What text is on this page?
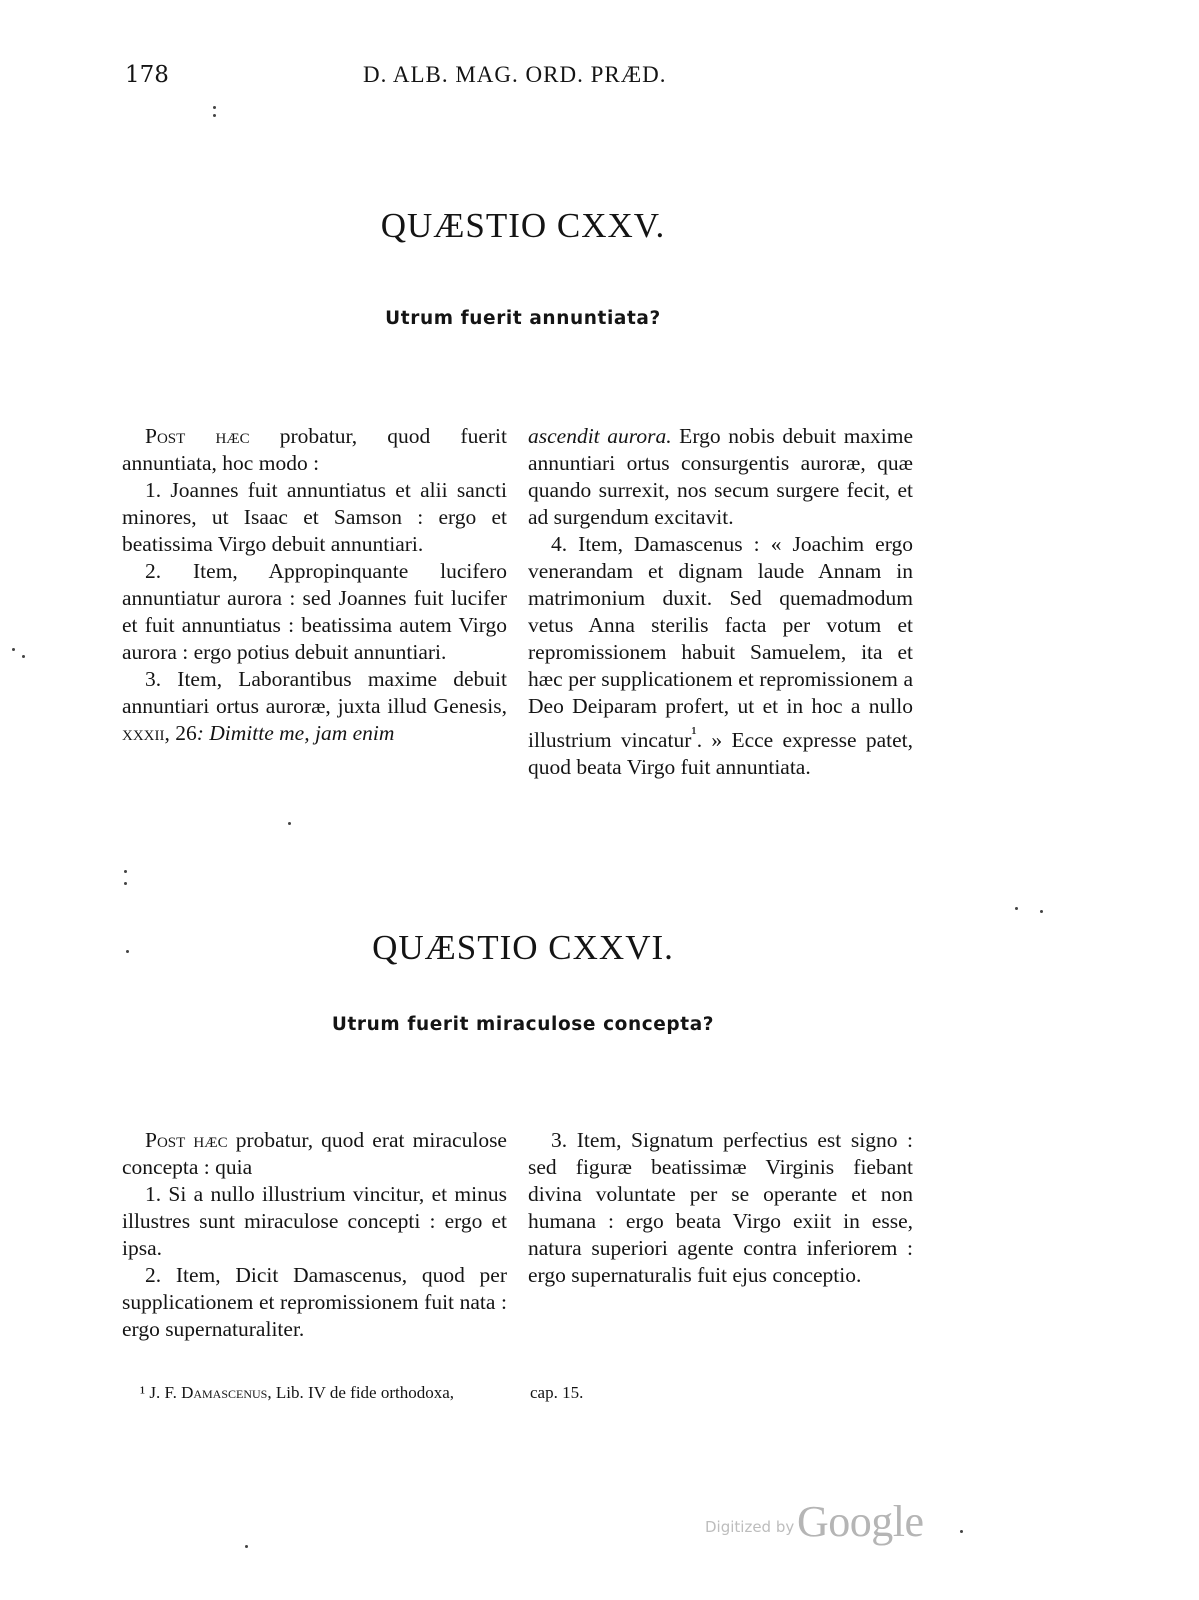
178	D. ALB. MAG. ORD. PRÆD.
QUÆSTIO CXXV.
Utrum fuerit annuntiata?

Post hæc probatur, quod fuerit annuntiata, hoc modo :

1. Joannes fuit annuntiatus et alii sancti minores, ut Isaac et Samson : ergo et beatissima Virgo debuit annuntiari.

2. Item, Appropinquante lucifero annuntiatur aurora : sed Joannes fuit lucifer et fuit annuntiatus : beatissima autem Virgo aurora : ergo potius debuit annuntiari.

3. Item, Laborantibus maxime debuit annuntiari ortus auroræ, juxta illud Genesis, xxxii, 26: Dimitte me, jam enim

ascendit aurora. Ergo nobis debuit maxime annuntiari ortus consurgentis auroræ, quæ quando surrexit, nos secum surgere fecit, et ad surgendum excitavit.

4. Item, Damascenus : « Joachim ergo venerandam et dignam laude Annam in matrimonium duxit. Sed quemadmodum vetus Anna sterilis facta per votum et repromissionem habuit Samuelem, ita et hæc per supplicationem et repromissionem a Deo Deiparam profert, ut et in hoc a nullo illustrium vincatur$^{^1}$. » Ecce expresse patet, quod beata Virgo fuit annuntiata.

QUÆSTIO CXXVI.
Utrum fuerit miraculose concepta?

Post hæc probatur, quod erat miraculose concepta : quia

1. Si a nullo illustrium vincitur, et minus illustres sunt miraculose concepti : ergo et ipsa.

2. Item, Dicit Damascenus, quod per supplicationem et repromissionem fuit nata : ergo supernaturaliter.

3. Item, Signatum perfectius est signo : sed figuræ beatissimæ Virginis fiebant divina voluntate per se operante et non humana : ergo beata Virgo exiit in esse, natura superiori agente contra inferiorem : ergo supernaturalis fuit ejus conceptio.

¹ J. F. Damascenus, Lib. IV de fide orthodoxa,	cap. 15.
Digitized by Google
